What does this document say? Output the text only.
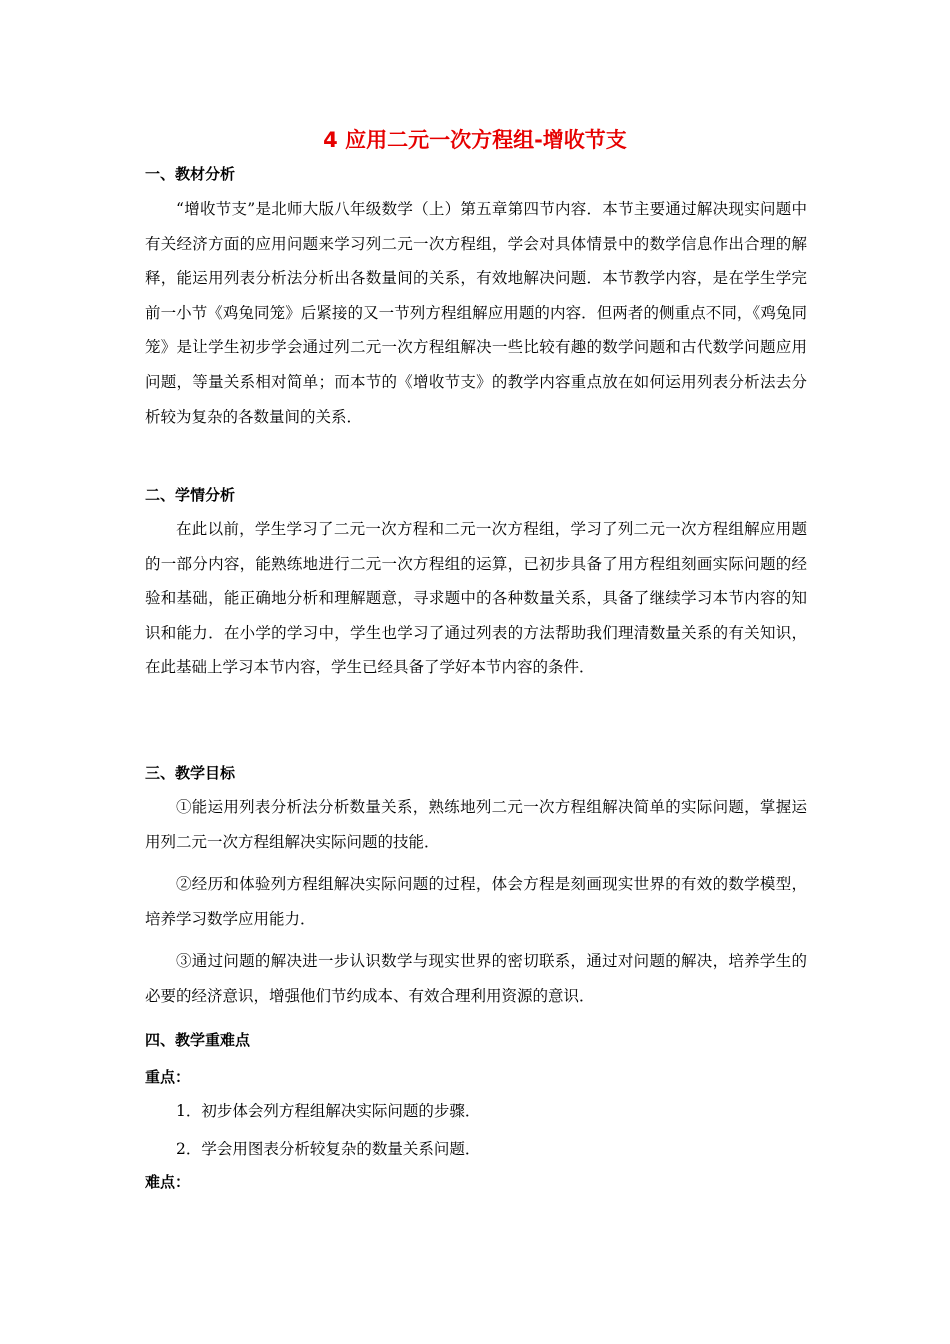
4 应用二元一次方程组-增收节支
一、教材分析

“增收节支”是北师大版八年级数学（上）第五章第四节内容．本节主要通过解决现实问题中有关经济方面的应用问题来学习列二元一次方程组，学会对具体情景中的数学信息作出合理的解释，能运用列表分析法分析出各数量间的关系，有效地解决问题．本节教学内容，是在学生学完前一小节《鸡兔同笼》后紧接的又一节列方程组解应用题的内容．但两者的侧重点不同，《鸡兔同笼》是让学生初步学会通过列二元一次方程组解决一些比较有趣的数学问题和古代数学问题应用问题，等量关系相对简单；而本节的《增收节支》的教学内容重点放在如何运用列表分析法去分析较为复杂的各数量间的关系．

二、学情分析

在此以前，学生学习了二元一次方程和二元一次方程组，学习了列二元一次方程组解应用题的一部分内容，能熟练地进行二元一次方程组的运算，已初步具备了用方程组刻画实际问题的经验和基础，能正确地分析和理解题意，寻求题中的各种数量关系，具备了继续学习本节内容的知识和能力．在小学的学习中，学生也学习了通过列表的方法帮助我们理清数量关系的有关知识，在此基础上学习本节内容，学生已经具备了学好本节内容的条件．

三、教学目标

①能运用列表分析法分析数量关系，熟练地列二元一次方程组解决简单的实际问题，掌握运用列二元一次方程组解决实际问题的技能．

②经历和体验列方程组解决实际问题的过程，体会方程是刻画现实世界的有效的数学模型，培养学习数学应用能力．

③通过问题的解决进一步认识数学与现实世界的密切联系，通过对问题的解决，培养学生的必要的经济意识，增强他们节约成本、有效合理利用资源的意识．

四、教学重难点
重点：
1．初步体会列方程组解决实际问题的步骤．
2．学会用图表分析较复杂的数量关系问题．
难点：
